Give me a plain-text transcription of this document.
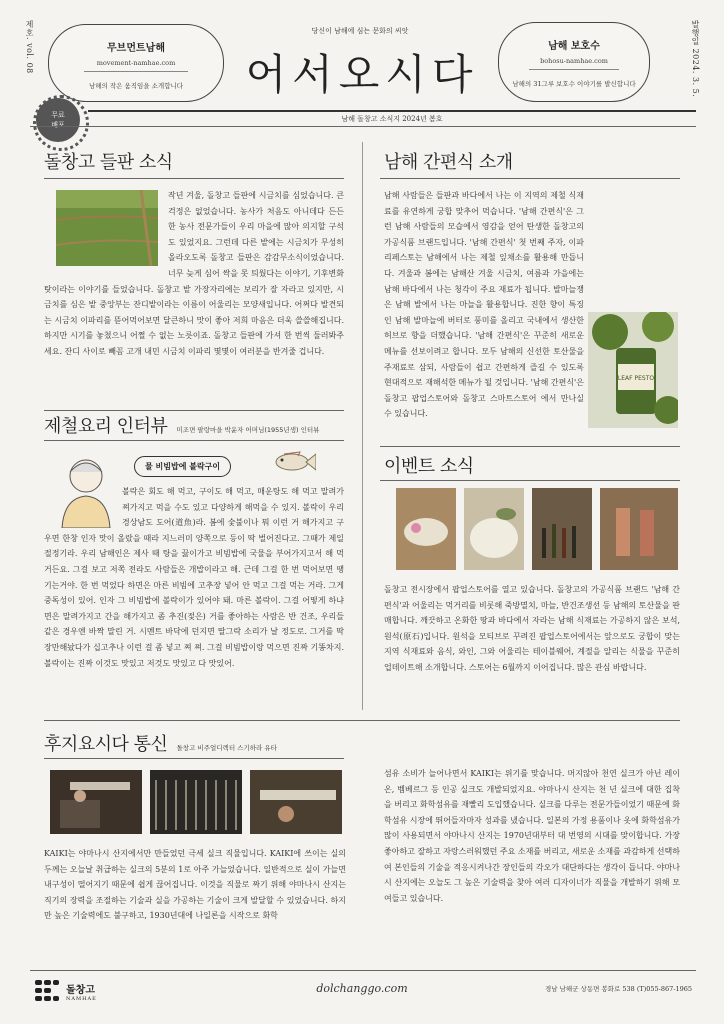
제호. vol. 08	발행일 2024. 3. 5.
무브먼트남해
movement-namhae.com
남해의 작은 움직임을 소개합니다
남해 보호수
bohosu-namhae.com
남해의 31그루 보호수 이야기를 발신합니다
당신이 남해에 심는 문화의 씨앗
어서오시다
무료
배포
남해 돌창고 소식지 2024년 봄호
돌창고 들판 소식
작년 겨울, 돌창고 들판에 시금치를 심었습니다. 큰 걱정은 없었습니다. 농사가 처음도 아니데다 든든한 농사 전문가들이 우리 마을에 많아 의지할 구석도 있었지요. 그런데 다른 밭에는 시금치가 무성히 올라오도록 돌창고 들판은 감감무소식이었습니다. 너무 늦게 심어 싹을 못 틔웠다는 이야기, 기후변화 탓이라는 이야기를 들었습니다. 돌창고 밭 가장자리에는 보리가 잘 자라고 있지만, 시금치를 심은 밭 중앙부는 잔디밭이라는 이름이 어울리는 모양새입니다. 어쩌다 발견되는 시금치 이파리를 뜯어먹어보면 달큰하니 맛이 좋아 저희 마음은 더욱 쓸쓸해집니다. 하지만 시기를 놓쳤으니 어쩔 수 없는 노릇이죠. 돌창고 들판에 가셔 한 번씩 둘러봐주세요. 잔디 사이로 빼꼼 고개 내민 시금치 이파리 몇몇이 여러분을 반겨줄 겁니다.
제철요리 인터뷰 미조면 팔랑마을 박윤자 어머님(1955년생) 인터뷰
물 비빔밥에 볼락구이
볼락은 회도 해 먹고, 구이도 해 먹고, 매운탕도 해 먹고 말려가 쪄가지고 먹을 수도 있고 다양하게 해먹을 수 있지. 볼락이 우리 경상남도 도어(道魚)라. 봄에 숯불이나 뭐 이런 거 해가지고 구우면 한창 인자 맛이 올랐을 때라 지느러미 양쪽으로 등이 딱 벌어진다고. 그때가 제일 절정기라. 우리 남해인은 제사 때 탕을 끓이가고 비빔밥에 국물을 부어가지고서 해 먹거든요. 그걸 보고 저쪽 전라도 사람들은 개밥이라고 해. 근데 그걸 한 번 먹어보면 땡기는거야. 한 번 먹었다 하면은 마른 비빔에 고추장 넣어 안 먹고 그걸 먹는 거라. 그게 중독성이 있어. 인자 그 비빔밥에 볼락이가 있어야 돼. 마른 볼락이. 그걸 어떻게 하냐면은 말려가지고 간을 해가지고 좀 추진(젖은) 거를 좋아하는 사람은 반 건조, 우리들 같은 경우엔 바짝 말린 거. 시멘트 바닥에 던지면 딸그락 소리가 날 정도로. 그거를 딱 장만해놨다가 십고추나 이런 걸 좀 넣고 쪄 쪄. 그걸 비빔밥이랑 먹으면 진짜 기똥차지. 볼락이는 진짜 이것도 맛있고 저것도 맛있고 다 맛있어.
남해 간편식 소개
LEAF PESTO
남해 사람들은 들판과 바다에서 나는 이 지역의 제철 식재료를 유연하게 궁합 맞추어 먹습니다. '남해 간편식'은 그런 남해 사람들의 모습에서 영감을 얻어 탄생한 돌창고의 가공식품 브랜드입니다. '남해 간편식' 첫 번째 주자, 이파리페스토는 남해에서 나는 제철 잎채소를 활용해 만듭니다. 겨울과 봄에는 남해산 겨울 시금치, 여름과 가을에는 남해 바다에서 나는 청각이 주요 재료가 됩니다. 발마늘쟁은 남해 발에서 나는 마늘을 활용합니다. 진한 향이 특징인 남해 발마늘에 버터로 풍미를 올리고 국내에서 생산한 허브로 향을 더했습니다. '남해 간편식'은 꾸준히 새로운 메뉴를 선보이려고 합니다. 모두 남해의 신선한 토산물을 주재료로 삼되, 사람들이 쉽고 간편하게 즐길 수 있도록 현대적으로 재해석한 메뉴가 될 것입니다. '남해 간편식'은 돌창고 팝업스토어와 돌창고 스마트스토어 에서 만나실 수 있습니다.
이벤트 소식
돌창고 전시장에서 팝업스토어를 열고 있습니다. 돌창고의 가공식품 브랜드 '남해 간편식'과 어울리는 먹거리를 비롯해 죽방멸치, 마늘, 반건조생선 등 남해의 토산물을 판매합니다. 깨끗하고 온화한 땅과 바다에서 자라는 남해 식재료는 가공하지 않은 보석, 원석(原石)입니다. 원석을 모티브로 꾸려진 팝업스토어에서는 앞으로도 궁합이 맞는 지역 식재료와 음식, 와인, 그와 어울리는 테이블웨어, 계절을 알리는 식물을 꾸준히 업데이트해 소개합니다. 스토어는 6월까지 이어집니다. 많은 관심 바랍니다.
후지요시다 통신 돌창고 비주얼디렉터 스기하라 유타
KAIKI는 야마나시 산지에서만 만들었던 극세 실크 직물입니다. KAIKI에 쓰이는 실의 두께는 오늘날 취급하는 실크의 5분의 1로 아주 가늘었습니다. 일반적으로 실이 가늘면 내구성이 떨어지기 때문에 쉽게 끊어집니다. 이것을 직물로 짜기 위해 야마나시 산지는 직기의 장력을 조절하는 기술과 실을 가공하는 기술이 크게 발달할 수 있었습니다. 하지만 높은 기술력에도 불구하고, 1930년대에 나일론을 시작으로 화학
섬유 소비가 늘어나면서 KAIKI는 위기를 맞습니다. 머지않아 천연 실크가 아닌 레이온, 벰베르그 등 인공 실크도 개발되었지요. 야마나시 산지는 천 년 실크에 대한 집착을 버리고 화학섬유를 재빨리 도입했습니다. 실크를 다루는 전문가들이었기 때문에 화학섬유 시장에 뛰어들자마자 성과를 냈습니다. 일본의 가정 용품이나 옷에 화학섬유가 많이 사용되면서 야마나시 산지는 1970년대부터 대 번영의 시대를 맞이합니다. 가장 좋아하고 잘하고 자랑스러워했던 주요 소재를 버리고, 새로운 소재를 과감하게 선택하여 본인들의 기술을 적응시켜나간 장인들의 각오가 대단하다는 생각이 듭니다. 야마나시 산지에는 오늘도 그 높은 기술력을 찾아 여러 디자이너가 직물을 개발하기 위해 모여들고 있습니다.
돌창고
NAMHAE
dolchanggo.com	경남 남해군 상동면 봉화로 538 (T)055-867-1965
